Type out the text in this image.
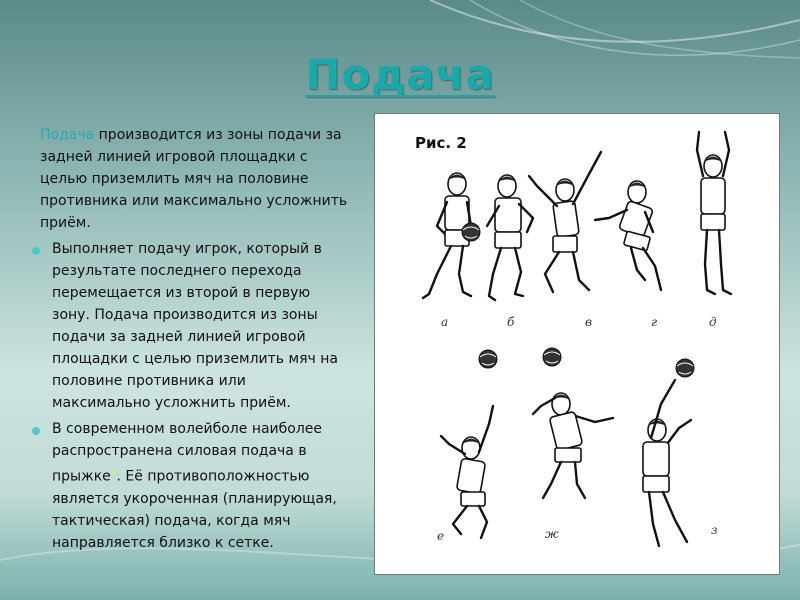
Подача

Подача производится из зоны подачи за задней линией игровой площадки с целью приземлить мяч на половине противника или максимально усложнить приём.

Выполняет подачу игрок, который в результате последнего перехода перемещается из второй в первую зону. Подача производится из зоны подачи за задней линией игровой площадки с целью приземлить мяч на половине противника или максимально усложнить приём.

В современном волейболе наиболее распространена силовая подача в прыжке$^1$. Её противоположностью является укороченная (планирующая, тактическая) подача, когда мяч направляется близко к сетке.

Рис. 2
а	б	в	г	д
е	ж	з
